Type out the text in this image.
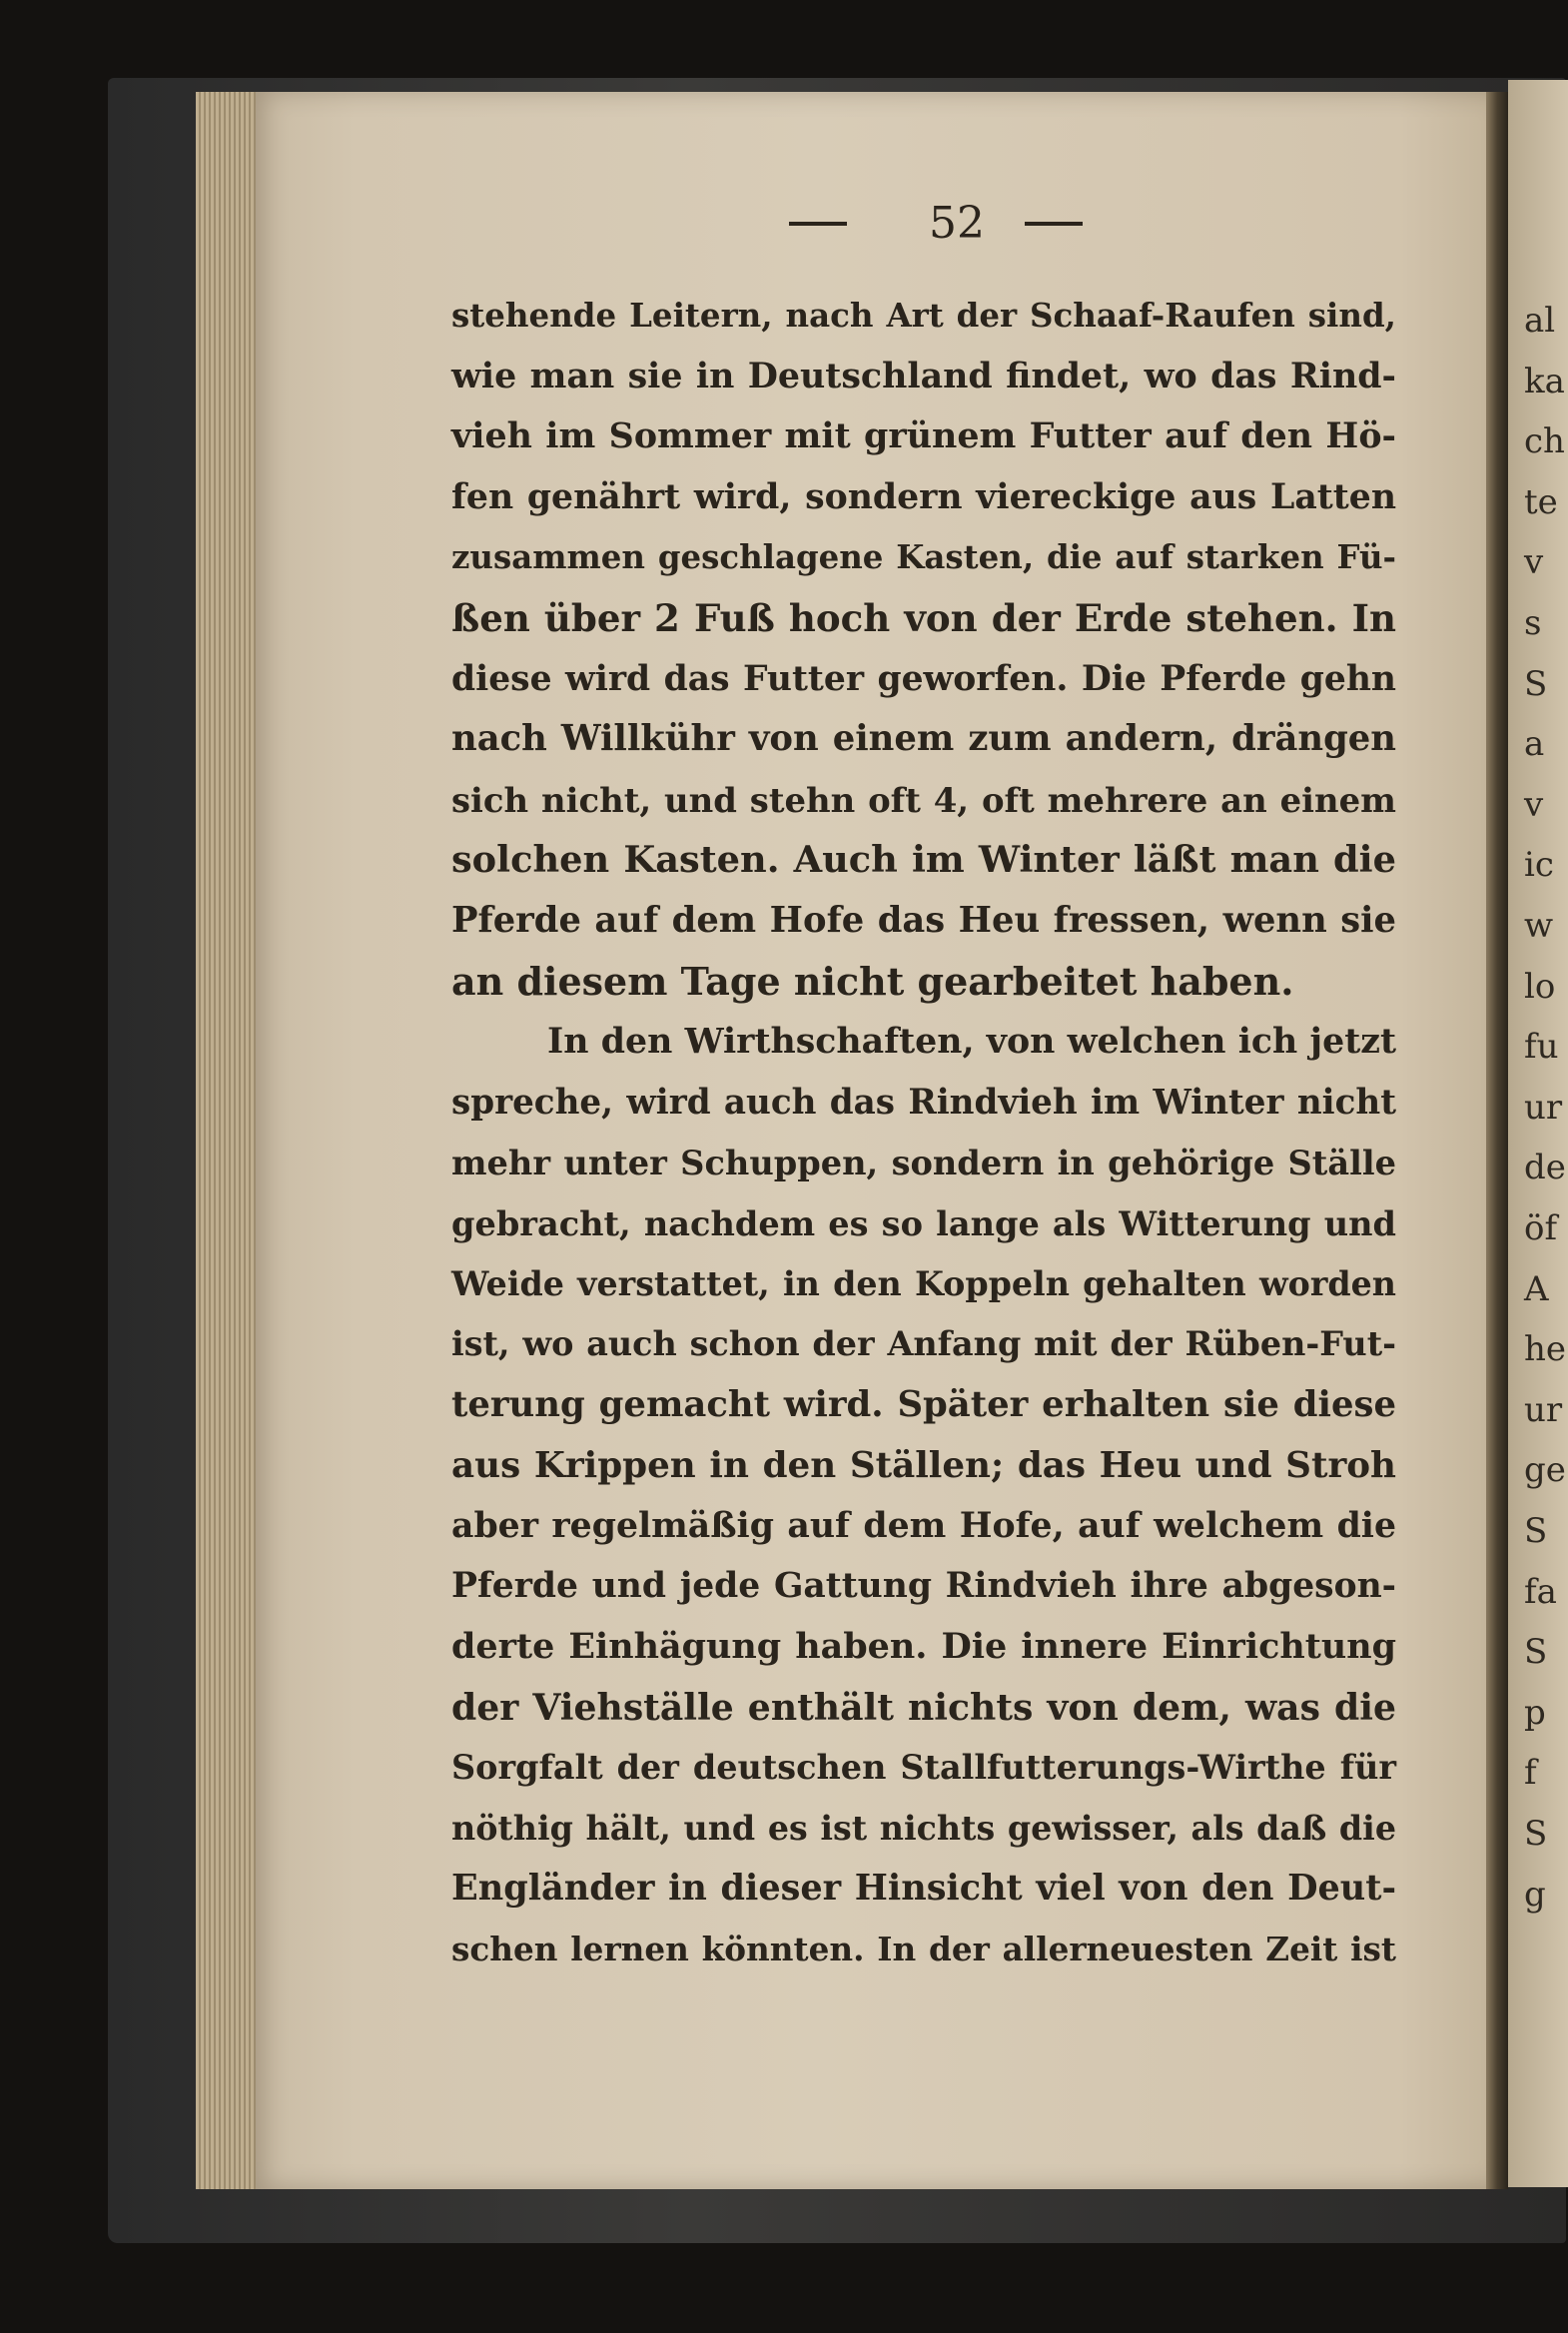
al
ka
ch
te
v
s
S
a
v
ic
w
lo
fu
ur
de
öf
A
he
ur
ge
S
fa
S
p
f
S
g
52
stehende Leitern, nach Art der Schaaf-Raufen sind,
wie man sie in Deutschland findet, wo das Rind-
vieh im Sommer mit grünem Futter auf den Hö-
fen genährt wird, sondern viereckige aus Latten
zusammen geschlagene Kasten, die auf starken Fü-
ßen über 2 Fuß hoch von der Erde stehen. In
diese wird das Futter geworfen. Die Pferde gehn
nach Willkühr von einem zum andern, drängen
sich nicht, und stehn oft 4, oft mehrere an einem
solchen Kasten. Auch im Winter läßt man die
Pferde auf dem Hofe das Heu fressen, wenn sie
an diesem Tage nicht gearbeitet haben.
In den Wirthschaften, von welchen ich jetzt
spreche, wird auch das Rindvieh im Winter nicht
mehr unter Schuppen, sondern in gehörige Ställe
gebracht, nachdem es so lange als Witterung und
Weide verstattet, in den Koppeln gehalten worden
ist, wo auch schon der Anfang mit der Rüben-Fut-
terung gemacht wird. Später erhalten sie diese
aus Krippen in den Ställen; das Heu und Stroh
aber regelmäßig auf dem Hofe, auf welchem die
Pferde und jede Gattung Rindvieh ihre abgeson-
derte Einhägung haben. Die innere Einrichtung
der Viehställe enthält nichts von dem, was die
Sorgfalt der deutschen Stallfutterungs-Wirthe für
nöthig hält, und es ist nichts gewisser, als daß die
Engländer in dieser Hinsicht viel von den Deut-
schen lernen könnten. In der allerneuesten Zeit ist
